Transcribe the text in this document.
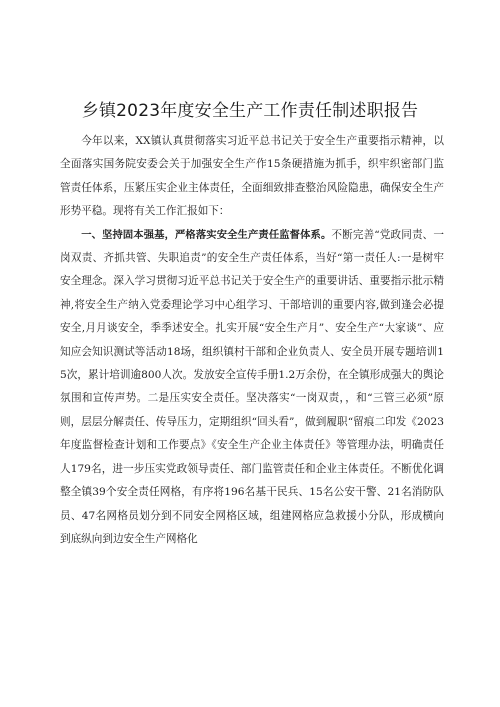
乡镇2023年度安全生产工作责任制述职报告

今年以来，XX镇认真贯彻落实习近平总书记关于安全生产重要指示精神，以全面落实国务院安委会关于加强安全生产作15条硬措施为抓手，织牢织密部门监管责任体系，压紧压实企业主体责任，全面细致排查整治风险隐患，确保安全生产形势平稳。现将有关工作汇报如下：

一、坚持固本强基，严格落实安全生产责任监督体系。不断完善“党政同责、一岗双责、齐抓共管、失职追责”的安全生产责任体系，当好“第一责任人:一是树牢安全理念。深入学习贯彻习近平总书记关于安全生产的重要讲话、重要指示批示精神,将安全生产纳入党委理论学习中心组学习、干部培训的重要内容,做到逢会必提安全,月月谈安全，季季述安全。扎实开展“安全生产月”、安全生产“大家谈”、应知应会知识测试等活动18场，组织镇村干部和企业负责人、安全员开展专题培训15次，累计培训逾800人次。发放安全宣传手册1.2万余份，在全镇形成强大的舆论氛围和宣传声势。二是压实安全责任。坚决落实“一岗双责，，和“三管三必须”原则，层层分解责任、传导压力，定期组织“回头看”，做到履职“留痕二印发《2023年度监督检查计划和工作要点》《安全生产企业主体责任》等管理办法，明确责任人179名，进一步压实党政领导责任、部门监管责任和企业主体责任。不断优化调整全镇39个安全责任网格，有序将196名基干民兵、15名公安干警、21名消防队员、47名网格员划分到不同安全网格区域，组建网格应急救援小分队，形成横向到底纵向到边安全生产网格化
